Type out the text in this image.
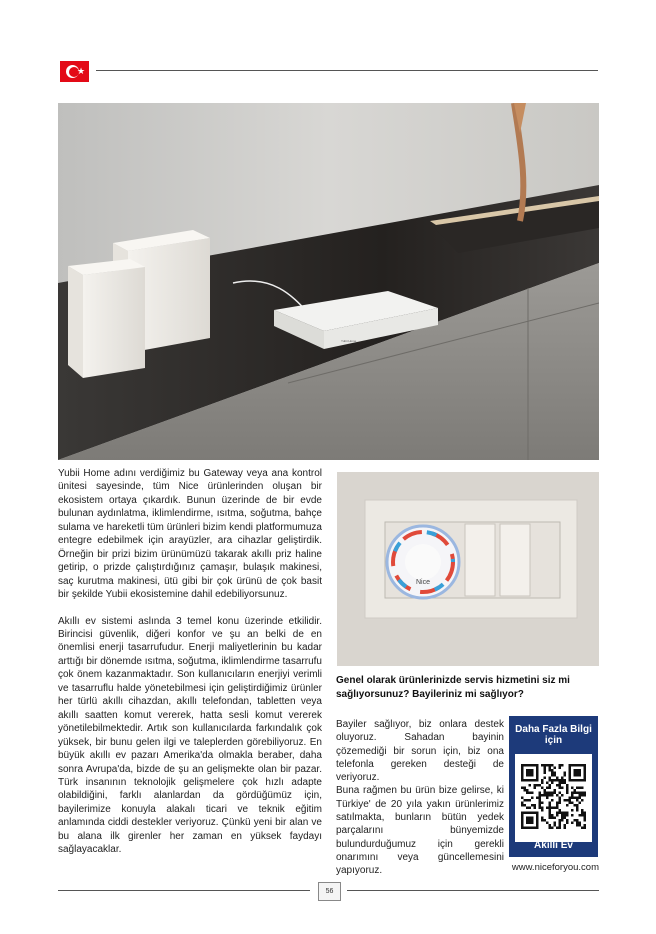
★
Yubii Home
Nice

Yubii Home adını verdiğimiz bu Gateway veya ana kontrol ünitesi sayesinde, tüm Nice ürünlerinden oluşan bir ekosistem ortaya çıkardık. Bunun üzerinde de bir evde bulunan aydınlatma, iklimlendirme, ısıtma, soğutma, bahçe sulama ve hareketli tüm ürünleri bizim kendi platformumuza entegre edebilmek için arayüzler, ara cihazlar geliştirdik. Örneğin bir prizi bizim ürünümüzü takarak akıllı priz haline getirip, o prizde çalıştırdığınız çamaşır, bulaşık makinesi, saç kurutma makinesi, ütü gibi bir çok ürünü de çok basit bir şekilde Yubii ekosistemine dahil edebiliyorsunuz.

Akıllı ev sistemi aslında 3 temel konu üzerinde etkilidir. Birincisi güvenlik, diğeri konfor ve şu an belki de en önemlisi enerji tasarrufudur. Enerji maliyetlerinin bu kadar arttığı bir dönemde ısıtma, soğutma, iklimlendirme tasarrufu çok önem kazanmaktadır. Son kullanıcıların enerjiyi verimli ve tasarruflu halde yönetebilmesi için geliştirdiğimiz ürünler her türlü akıllı cihazdan, akıllı telefondan, tabletten veya akıllı saatten komut vererek, hatta sesli komut vererek yönetilebilmektedir. Artık son kullanıcılarda farkındalık çok yüksek, bir bunu gelen ilgi ve taleplerden görebiliyoruz. En büyük akıllı ev pazarı Amerika'da olmakla beraber, daha sonra Avrupa'da, bizde de şu an gelişmekte olan bir pazar. Türk insanının teknolojik gelişmelere çok hızlı adapte olabildiğini, farklı alanlardan da gördüğümüz için, bayilerimize konuyla alakalı ticari ve teknik eğitim anlamında ciddi destekler veriyoruz. Çünkü yeni bir alan ve bu alana ilk girenler her zaman en yüksek faydayı sağlayacaklar.

Genel olarak ürünlerinizde servis hizmetini siz mi sağlıyorsunuz? Bayileriniz mi sağlıyor?

Bayiler sağlıyor, biz onlara destek oluyoruz. Sahadan bayinin çözemediği bir sorun için, biz ona telefonla gereken desteği de veriyoruz.

Buna rağmen bu ürün bize gelirse, ki Türkiye' de 20 yıla yakın ürünlerimiz satılmakta, bunların bütün yedek parçalarını bünyemizde bulundurduğumuz için gerekli onarımını veya güncellemesini yapıyoruz.

Daha Fazla Bilgi için
Akıllı Ev
www.niceforyou.com
56
